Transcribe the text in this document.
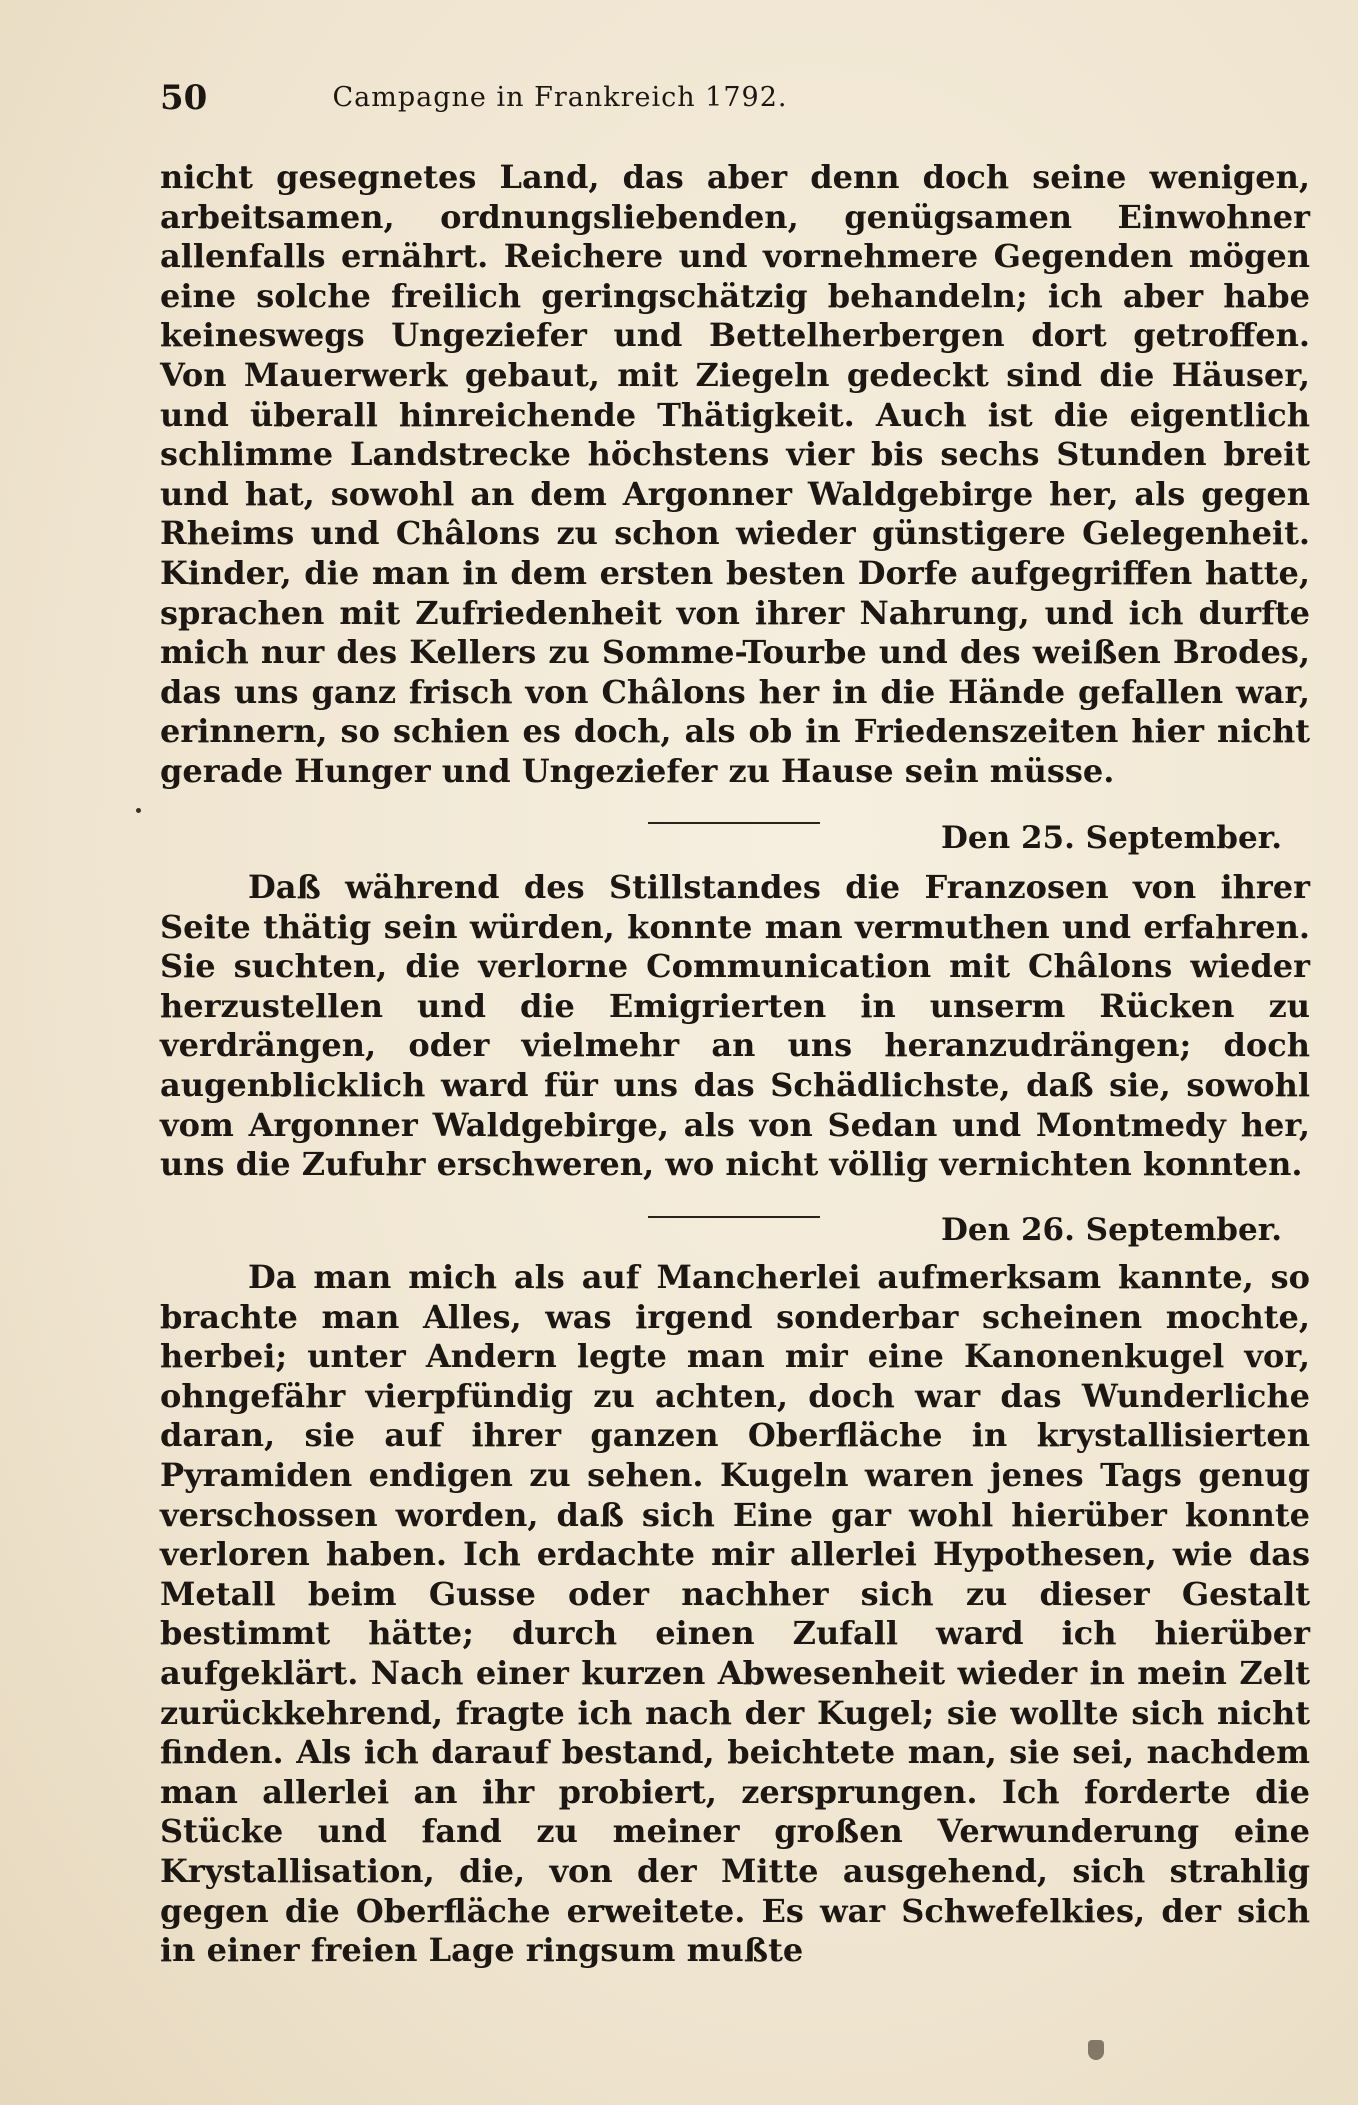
50	Campagne in Frankreich 1792.

nicht gesegnetes Land, das aber denn doch seine wenigen, arbeitsamen, ordnungsliebenden, genügsamen Einwohner allenfalls ernährt. Reichere und vornehmere Gegenden mögen eine solche freilich geringschätzig behandeln; ich aber habe keineswegs Ungeziefer und Bettelherbergen dort getroffen. Von Mauerwerk gebaut, mit Ziegeln gedeckt sind die Häuser, und überall hinreichende Thätigkeit. Auch ist die eigentlich schlimme Landstrecke höchstens vier bis sechs Stunden breit und hat, sowohl an dem Argonner Waldgebirge her, als gegen Rheims und Châlons zu schon wieder günstigere Gelegenheit. Kinder, die man in dem ersten besten Dorfe aufgegriffen hatte, sprachen mit Zufriedenheit von ihrer Nahrung, und ich durfte mich nur des Kellers zu Somme-Tourbe und des weißen Brodes, das uns ganz frisch von Châlons her in die Hände gefallen war, erinnern, so schien es doch, als ob in Friedenszeiten hier nicht gerade Hunger und Ungeziefer zu Hause sein müsse.

Den 25. September.

Daß während des Stillstandes die Franzosen von ihrer Seite thätig sein würden, konnte man vermuthen und erfahren. Sie suchten, die verlorne Communication mit Châlons wieder herzustellen und die Emigrierten in unserm Rücken zu verdrängen, oder vielmehr an uns heranzudrängen; doch augenblicklich ward für uns das Schädlichste, daß sie, sowohl vom Argonner Waldgebirge, als von Sedan und Montmedy her, uns die Zufuhr erschweren, wo nicht völlig vernichten konnten.

Den 26. September.

Da man mich als auf Mancherlei aufmerksam kannte, so brachte man Alles, was irgend sonderbar scheinen mochte, herbei; unter Andern legte man mir eine Kanonenkugel vor, ohngefähr vierpfündig zu achten, doch war das Wunderliche daran, sie auf ihrer ganzen Oberfläche in krystallisierten Pyramiden endigen zu sehen. Kugeln waren jenes Tags genug verschossen worden, daß sich Eine gar wohl hierüber konnte verloren haben. Ich erdachte mir allerlei Hypothesen, wie das Metall beim Gusse oder nachher sich zu dieser Gestalt bestimmt hätte; durch einen Zufall ward ich hierüber aufgeklärt. Nach einer kurzen Abwesenheit wieder in mein Zelt zurückkehrend, fragte ich nach der Kugel; sie wollte sich nicht finden. Als ich darauf bestand, beichtete man, sie sei, nachdem man allerlei an ihr probiert, zersprungen. Ich forderte die Stücke und fand zu meiner großen Verwunderung eine Krystallisation, die, von der Mitte ausgehend, sich strahlig gegen die Oberfläche erweitete. Es war Schwefelkies, der sich in einer freien Lage ringsum mußte
